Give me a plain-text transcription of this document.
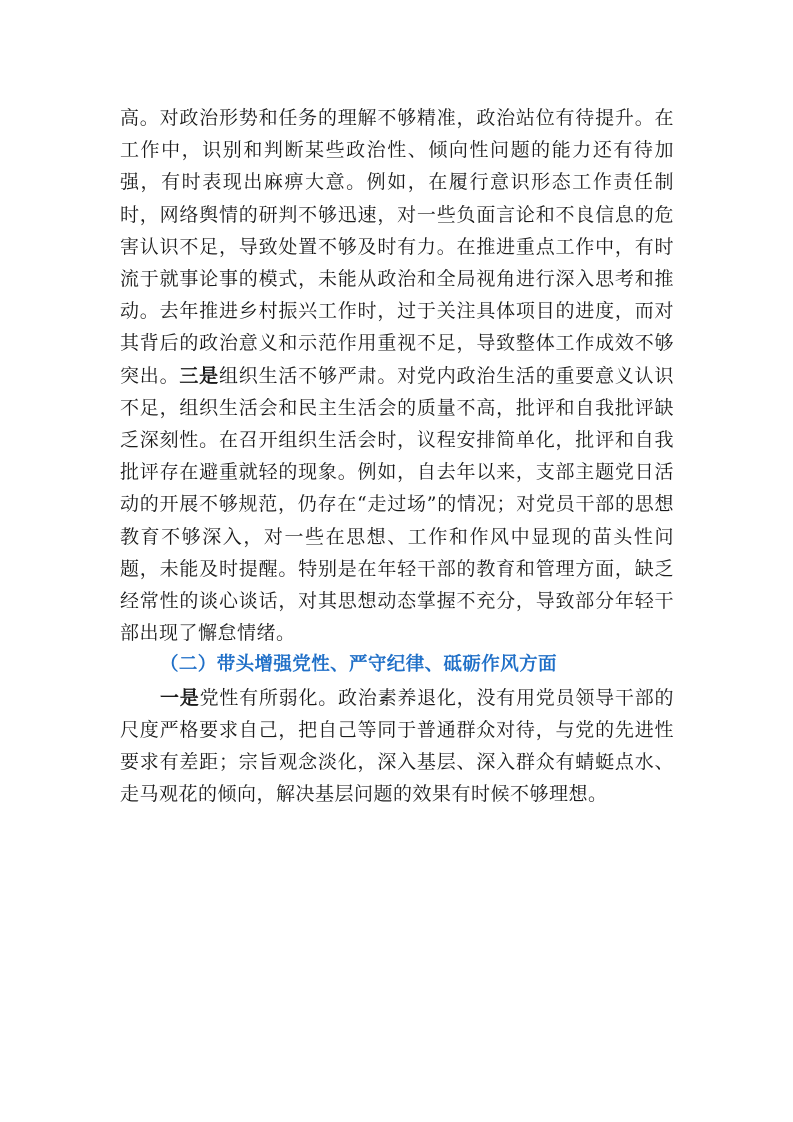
高。对政治形势和任务的理解不够精准，政治站位有待提升。在工作中，识别和判断某些政治性、倾向性问题的能力还有待加强，有时表现出麻痹大意。例如，在履行意识形态工作责任制时，网络舆情的研判不够迅速，对一些负面言论和不良信息的危害认识不足，导致处置不够及时有力。在推进重点工作中，有时流于就事论事的模式，未能从政治和全局视角进行深入思考和推动。去年推进乡村振兴工作时，过于关注具体项目的进度，而对其背后的政治意义和示范作用重视不足，导致整体工作成效不够突出。三是组织生活不够严肃。对党内政治生活的重要意义认识不足，组织生活会和民主生活会的质量不高，批评和自我批评缺乏深刻性。在召开组织生活会时，议程安排简单化，批评和自我批评存在避重就轻的现象。例如，自去年以来，支部主题党日活动的开展不够规范，仍存在“走过场”的情况；对党员干部的思想教育不够深入，对一些在思想、工作和作风中显现的苗头性问题，未能及时提醒。特别是在年轻干部的教育和管理方面，缺乏经常性的谈心谈话，对其思想动态掌握不充分，导致部分年轻干部出现了懈怠情绪。

（二）带头增强党性、严守纪律、砥砺作风方面

一是党性有所弱化。政治素养退化，没有用党员领导干部的尺度严格要求自己，把自己等同于普通群众对待，与党的先进性要求有差距；宗旨观念淡化，深入基层、深入群众有蜻蜓点水、走马观花的倾向，解决基层问题的效果有时候不够理想。
